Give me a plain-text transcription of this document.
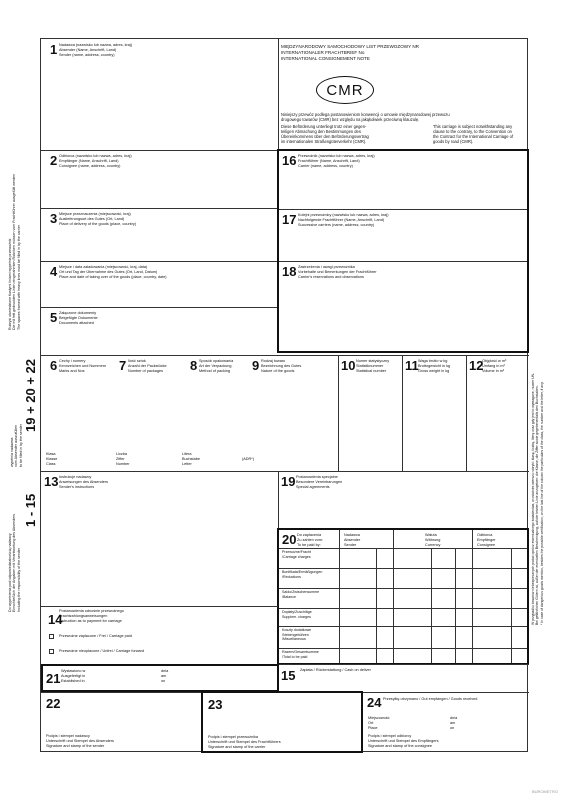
Rubryki obwiedzione tłustymi liniami wypełnia przewoźnik Die mit fett gedruckten Linien eingerahmten Rubriken müssen vom Frachtführer ausgefüllt werden The spaces framed with heavy lines must be filled in by the carrier
19 + 20 + 22
wypełnia nadawca vom Absender auszufüllen to be filled in by the sender
1 - 15
Do wypełnienia pod odpowiedzialnością nadawcy Einschließlich der Angaben mit Verantwortung des Absenders Including the responsibility of the sender	W przypadku towarów niebezpiecznych podać oprócz ewentualnego świadectwa, w ostatnim wierszu rubryki: klasę, liczbę, literę oraz gdy jest to wymagane, numer UN. Bei gefährlichen Gütern ist, außer der eventuellen Bescheinigung, auf der letzten Linie anzugeben: die Klasse, die Ziffer sowie gegebenenfalls den Buchstaben. * In case of dangerous goods mention, besides the possible certification, on the last line of the column the particulars of the class, the number and the letter, if any.
MIĘDZYNARODOWY SAMOCHODOWY LIST PRZEWOZOWY NR
INTERNATIONALER FRACHTBRIEF No
INTERNATIONAL CONSIGNEMENT NOTE
CMR
Niniejszy przewóz podlega postanowieniom konwencji o umowie międzynarodowej przewozu
drogowego towarów (CMR) bez względu na jakąkolwiek przeciwną klauzulę.
Diese Beförderung unterliegt trotz einer gegen-
teiligen Abmachung den Bestimmungen des
Übereinkommens über den Beförderungsvertrag
im internationalen Straßengüterverkehr (CMR).
This carriage is subject notwithstanding any
clause to the contrary, to the Convention on
the Contract for the International Carriage of
goods by road (CMR).
1 Nadawca (nazwisko lub nazwa, adres, kraj)
Absender (Name, Anschrift, Land)
Sender (name, address, country)
2 Odbiorca (nazwisko lub nazwa, adres, kraj)
Empfänger (Name, Anschrift, Land)
Consignee (name, address, country)
3 Miejsce przeznaczenia (miejscowość, kraj)
Auslieferungsort des Gutes (Ort, Land)
Place of delivery of the goods (place, country)
4 Miejsce i data załadowania (miejscowość, kraj, data)
Ort und Tag der Übernahme des Gutes (Ort, Land, Datum)
Place and date of taking over of the goods (place, country, date)
5 Załączone dokumenty
Beigefügte Dokumente
Documents attached
16 Przewoźnik (nazwisko lub nazwa, adres, kraj)
Frachtführer (Name, Anschrift, Land)
Carrier (name, address, country)
17 Kolejni przewoźnicy (nazwisko lub nazwa, adres, kraj)
Nachfolgende Frachtführer (Name, Anschrift, Land)
Successive carriers (name, address, country)
18 Zastrzeżenia i uwagi przewoźnika
Vorbehalte und Bemerkungen der Frachtführer
Carrier's reservations and observations
6 Cechy i numery
Kennzeichen und Nummern
Marks and Nos	7 Ilość sztuk
Anzahl der Packstücke
Number of packages 8 Sposób opakowania
Art der Verpackung
Method of packing 9 Rodzaj towaru
Bezeichnung des Gutes
Nature of the goods	10 Numer statystyczny
Statistiknummer
Statistical number 11 Waga brutto w kg
Bruttogewicht in kg
Gross weight in kg 12
Objętość w m³
Umfang in m³
Volume in m³
Klasa
Klasse
Class
Liczba
Ziffer
Number
Litera
Buchstabe
Letter
(ADR*)
13 Instrukcje nadawcy
Anweisungen des Absenders
Sender's instructions	19 Postanowienia specjalne
Besondere Vereinbarungen
Special agreements
20 Do zapłacenia
Zu zahlen vom:
To be paid by:
Nadawca
Absender
Sender
Waluta
Währung
Currency
Odbiorca
Empfänger
Consignee
Przewoźne/Fracht
/Carriage charges
Bonifikata/Ermäßigungen
/Reductions
Saldo/Zwischensumme
/Balance
Dopłaty/Zuschläge
Supplem. charges
Koszty dodatkowe
/Nebengebühren
/Miscellaneous
Razem/Gesamtsumme
/Total to be paid
14
Postanowienia odnośnie przewoźnego
Frachtzahlungsanweisungen
Instruction as to payment for carriage
Przewoźne zapłacone / Frei / Carriage paid
Przewoźne nieopłacone / Unfrei / Carriage forward
21 Wystawiono w
Ausgefertigt in
Established in
dnia
am
on	15 Zapłata / Rückerstattung / Cash on deliver
22
Podpis i stempel nadawcy
Unterschrift und Stempel des Absenders
Signature and stamp of the sender
23
Podpis i stempel przewoźnika
Unterschrift und Stempel des Frachtführers
Signature and stamp of the carrier
24 Przesyłkę otrzymano / Gut empfangen / Goods received
Miejscowość
Ort
Place
dnia
am
on
Podpis i stempel odbiorcy
Unterschrift und Stempel des Empfängers
Signature and stamp of the consignee
BUROMETRO
